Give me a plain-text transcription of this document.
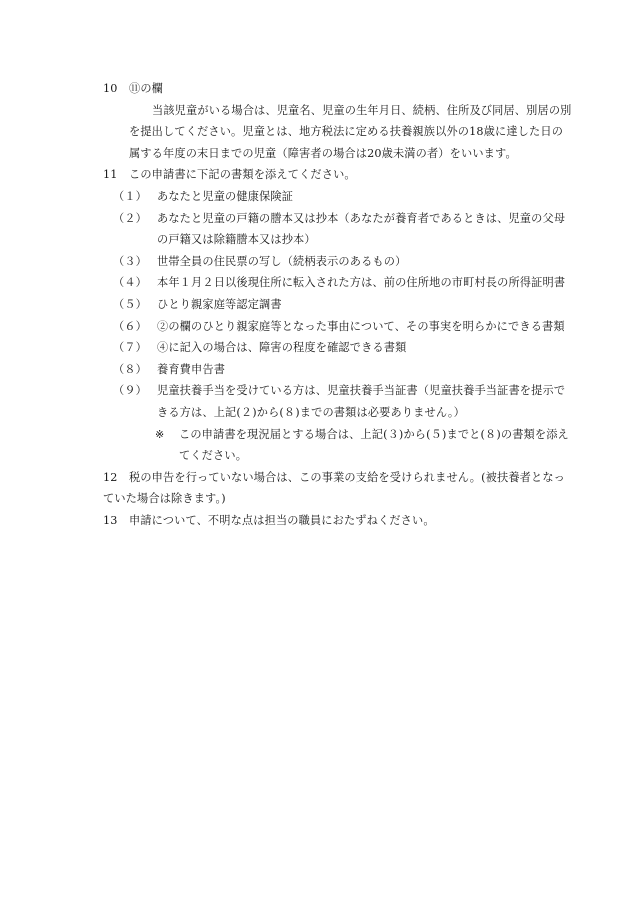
10	⑪の欄

当該児童がいる場合は、児童名、児童の生年月日、続柄、住所及び同居、別居の別を提出してください。児童とは、地方税法に定める扶養親族以外の18歳に達した日の属する年度の末日までの児童（障害者の場合は20歳未満の者）をいいます。

11	この申請書に下記の書類を添えてください。
（１） あなたと児童の健康保険証
（２） あなたと児童の戸籍の謄本又は抄本（あなたが養育者であるときは、児童の父母の戸籍又は除籍謄本又は抄本）
（３） 世帯全員の住民票の写し（続柄表示のあるもの）
（４） 本年１月２日以後現住所に転入された方は、前の住所地の市町村長の所得証明書
（５） ひとり親家庭等認定調書
（６） ②の欄のひとり親家庭等となった事由について、その事実を明らかにできる書類
（７） ④に記入の場合は、障害の程度を確認できる書類
（８） 養育費申告書
（９） 児童扶養手当を受けている方は、児童扶養手当証書（児童扶養手当証書を提示できる方は、上記(２)から(８)までの書類は必要ありません。）
※	この申請書を現況届とする場合は、上記(３)から(５)までと(８)の書類を添えてください。
12 税の申告を行っていない場合は、この事業の支給を受けられません。(被扶養者となっていた場合は除きます。)
13 申請について、不明な点は担当の職員におたずねください。
